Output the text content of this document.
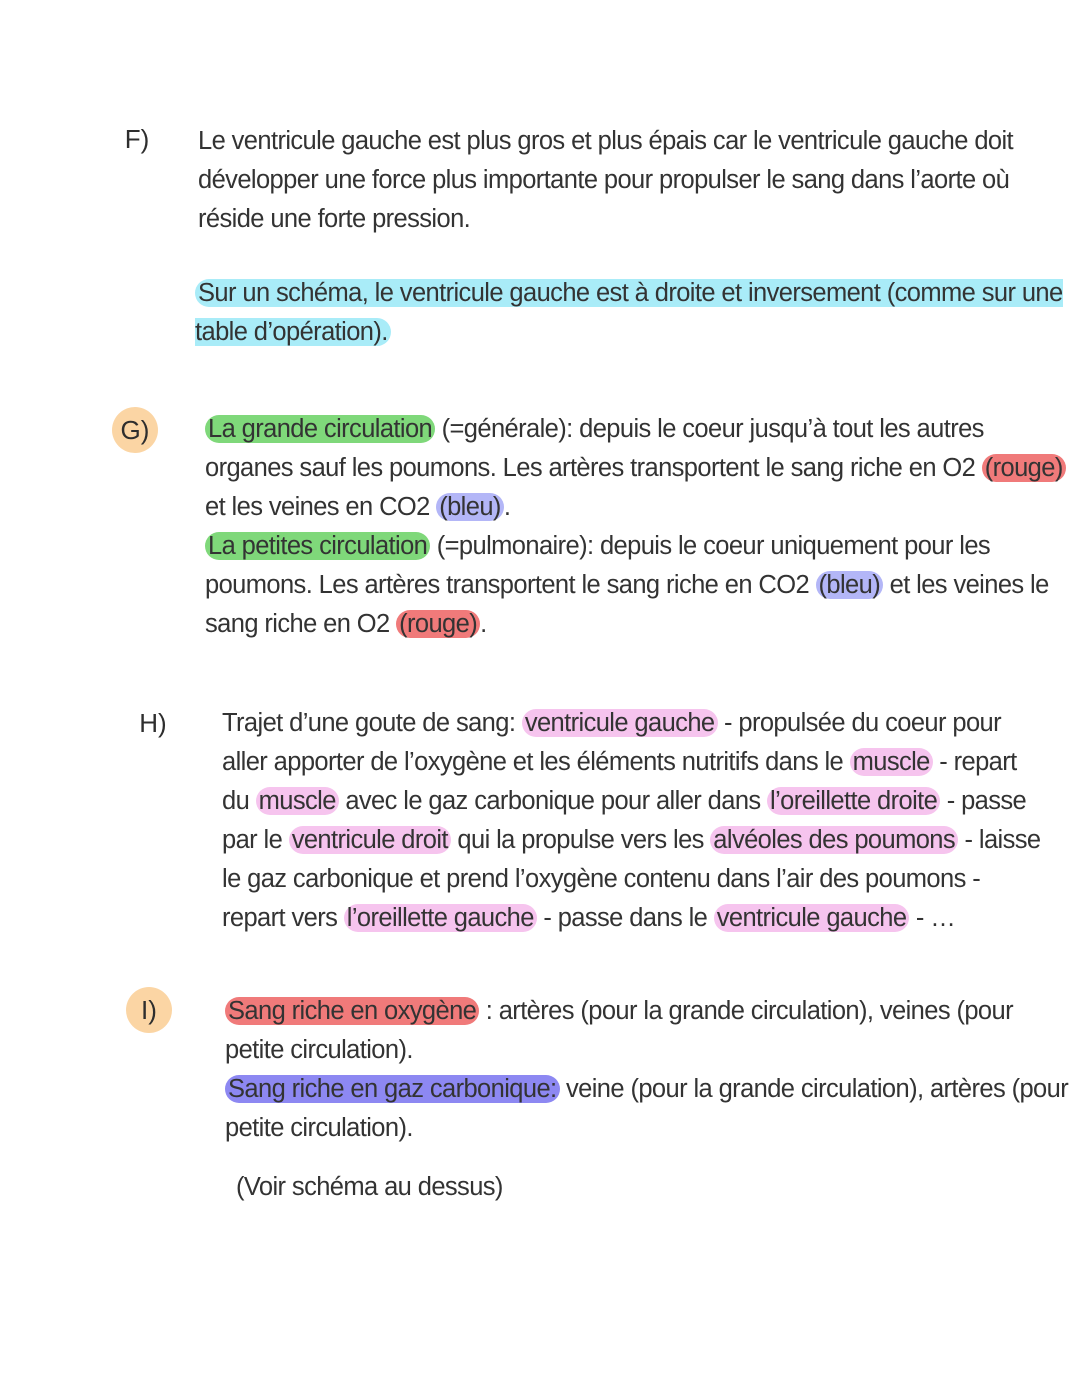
F)	Le ventricule gauche est plus gros et plus épais car le ventricule gauche doit développer une force plus importante pour propulser le sang dans l’aorte où réside une forte pression.
Sur un schéma, le ventricule gauche est à droite et inversement (comme sur une table d’opération).
G)	La grande circulation (=générale): depuis le coeur jusqu’à tout les autres organes sauf les poumons. Les artères transportent le sang riche en O2 (rouge) et les veines en CO2 (bleu) .
La petites circulation (=pulmonaire): depuis le coeur uniquement pour les poumons. Les artères transportent le sang riche en CO2 (bleu) et les veines le sang riche en O2 (rouge) .
H)	Trajet d’une goute de sang: ventricule gauche - propulsée du coeur pour aller apporter de l’oxygène et les éléments nutritifs dans le muscle - repart du muscle avec le gaz carbonique pour aller dans l’oreillette droite - passe par le ventricule droit qui la propulse vers les alvéoles des poumons - laisse le gaz carbonique et prend l’oxygène contenu dans l’air des poumons - repart vers l’oreillette gauche - passe dans le ventricule gauche - …
I)	Sang riche en oxygène : artères (pour la grande circulation), veines (pour petite circulation).
Sang riche en gaz carbonique: veine (pour la grande circulation), artères (pour petite circulation).
(Voir schéma au dessus)
